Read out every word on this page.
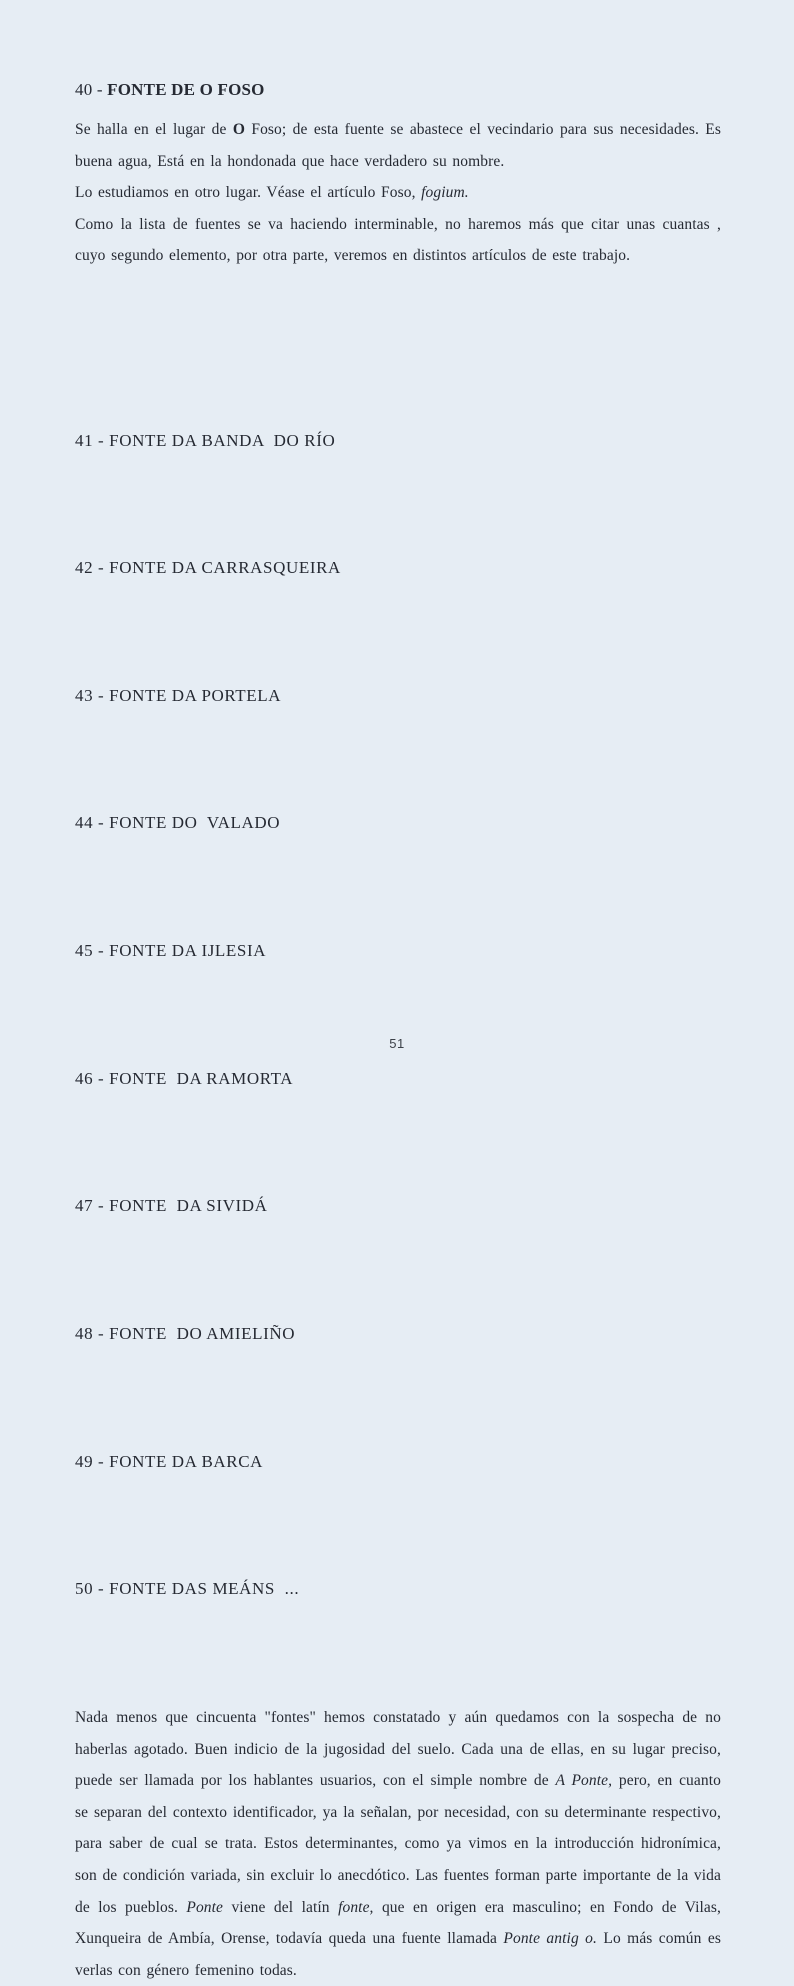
40 - FONTE DE O FOSO

Se halla en el lugar de O Foso; de esta fuente se abastece el vecindario para sus necesidades. Es buena agua, Está en la hondonada que hace verdadero su nombre.

Lo estudiamos en otro lugar. Véase el artículo Foso, fogium.

Como la lista de fuentes se va haciendo interminable, no haremos más que citar unas cuantas , cuyo segundo elemento, por otra parte, veremos en distintos artículos de este trabajo.

41 - FONTE DA BANDA  DO RÍO

42 - FONTE DA CARRASQUEIRA

43 - FONTE DA PORTELA

44 - FONTE DO  VALADO

45 - FONTE DA IJLESIA

46 - FONTE  DA RAMORTA

47 - FONTE  DA SIVIDÁ

48 - FONTE  DO AMIELIÑO

49 - FONTE DA BARCA

50 - FONTE DAS MEÁNS  ...

Nada menos que cincuenta "fontes" hemos constatado y aún quedamos con la sospecha de no haberlas agotado. Buen indicio de la jugosidad del suelo. Cada una de ellas, en su lugar preciso, puede ser llamada por los hablantes usuarios, con el simple nombre de A Ponte, pero, en cuanto se separan del contexto identificador, ya la señalan, por necesidad, con su determinante respectivo, para saber de cual se trata. Estos determinantes, como ya vimos en la introducción hidronímica, son de condición variada, sin excluir lo anecdótico. Las fuentes forman parte importante de la vida de los pueblos. Ponte viene del latín fonte, que en origen era masculino; en Fondo de Vilas, Xunqueira de Ambía, Orense, todavía queda una fuente llamada Ponte antig o. Lo más común es verlas con género femenino todas.

51
